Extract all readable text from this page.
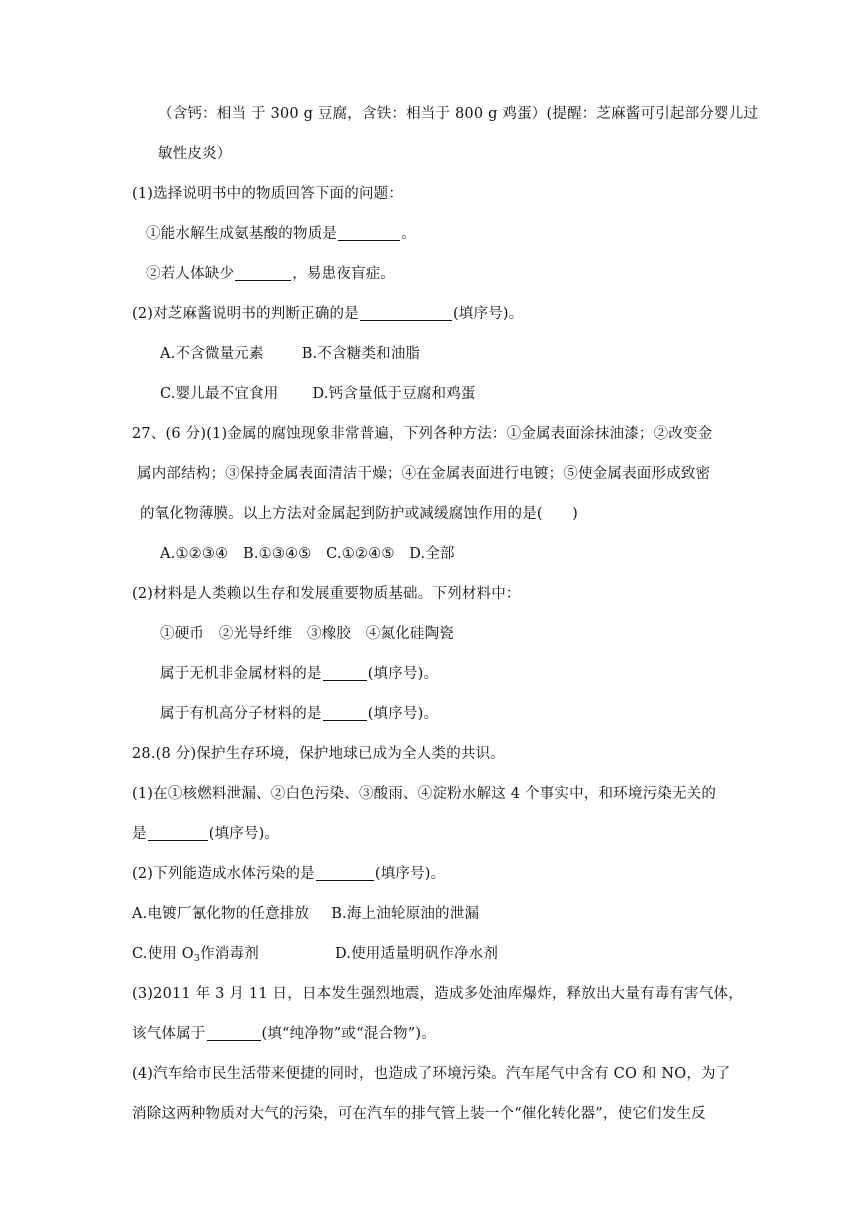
（含钙：相当 于 300 g 豆腐，含铁：相当于 800 g 鸡蛋）(提醒：芝麻酱可引起部分婴儿过
敏性皮炎）
(1)选择说明书中的物质回答下面的问题：
①能水解生成氨基酸的物质是	。
②若人体缺少	，易患夜盲症。
(2)对芝麻酱说明书的判断正确的是	(填序号)。
A.不含微量元素	B.不含糖类和油脂
C.婴儿最不宜食用 D.钙含量低于豆腐和鸡蛋
27、(6 分)(1)金属的腐蚀现象非常普遍，下列各种方法：①金属表面涂抹油漆；②改变金
属内部结构；③保持金属表面清洁干燥；④在金属表面进行电镀；⑤使金属表面形成致密
的氧化物薄膜。以上方法对金属起到防护或减缓腐蚀作用的是(　　)
A.①②③④　B.①③④⑤　C.①②④⑤　D.全部
(2)材料是人类赖以生存和发展重要物质基础。下列材料中：
①硬币　②光导纤维　③橡胶　④氮化硅陶瓷
属于无机非金属材料的是	(填序号)。
属于有机高分子材料的是	(填序号)。
28.(8 分)保护生存环境，保护地球已成为全人类的共识。
(1)在①核燃料泄漏、②白色污染、③酸雨、④淀粉水解这 4 个事实中，和环境污染无关的
是	(填序号)。
(2)下列能造成水体污染的是	(填序号)。
A.电镀厂氰化物的任意排放 B.海上油轮原油的泄漏
C.使用 $O_3$作消毒剂	D.使用适量明矾作净水剂
(3)2011 年 3 月 11 日，日本发生强烈地震，造成多处油库爆炸，释放出大量有毒有害气体，
该气体属于	(填“纯净物”或“混合物”)。
(4)汽车给市民生活带来便捷的同时，也造成了环境污染。汽车尾气中含有 CO 和 NO，为了
消除这两种物质对大气的污染，可在汽车的排气管上装一个“催化转化器”，使它们发生反
